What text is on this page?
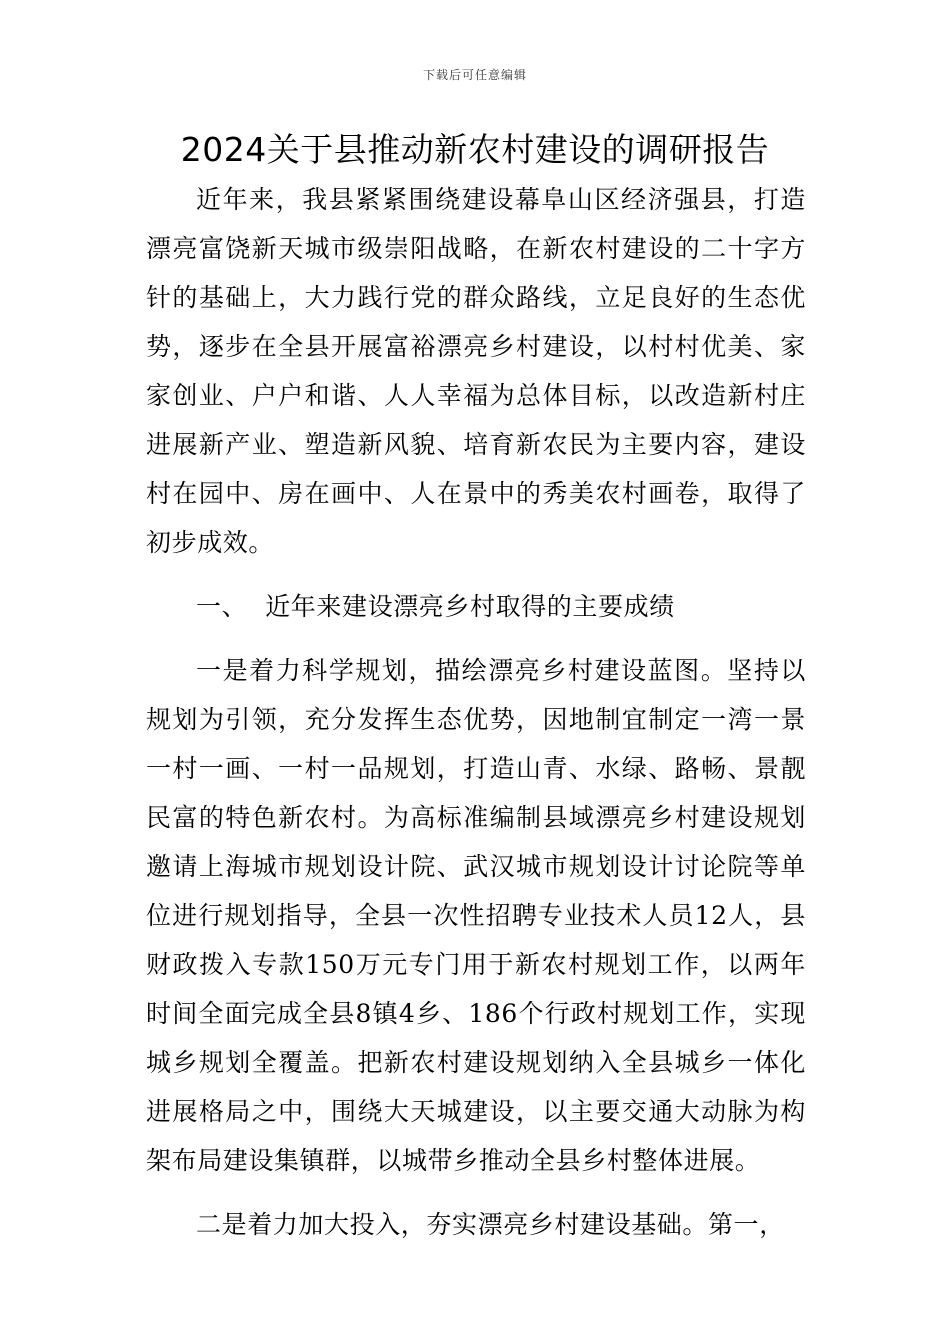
下载后可任意编辑
2024关于县推动新农村建设的调研报告

近年来，我县紧紧围绕建设幕阜山区经济强县，打造漂亮富饶新天城市级崇阳战略，在新农村建设的二十字方针的基础上，大力践行党的群众路线，立足良好的生态优势，逐步在全县开展富裕漂亮乡村建设，以村村优美、家家创业、户户和谐、人人幸福为总体目标，以改造新村庄进展新产业、塑造新风貌、培育新农民为主要内容，建设村在园中、房在画中、人在景中的秀美农村画卷，取得了初步成效。

一、 近年来建设漂亮乡村取得的主要成绩

一是着力科学规划，描绘漂亮乡村建设蓝图。坚持以规划为引领，充分发挥生态优势，因地制宜制定一湾一景一村一画、一村一品规划，打造山青、水绿、路畅、景靓民富的特色新农村。为高标准编制县域漂亮乡村建设规划邀请上海城市规划设计院、武汉城市规划设计讨论院等单位进行规划指导，全县一次性招聘专业技术人员12人，县财政拨入专款150万元专门用于新农村规划工作，以两年时间全面完成全县8镇4乡、186个行政村规划工作，实现城乡规划全覆盖。把新农村建设规划纳入全县城乡一体化进展格局之中，围绕大天城建设，以主要交通大动脉为构架布局建设集镇群，以城带乡推动全县乡村整体进展。

二是着力加大投入，夯实漂亮乡村建设基础。第一，
